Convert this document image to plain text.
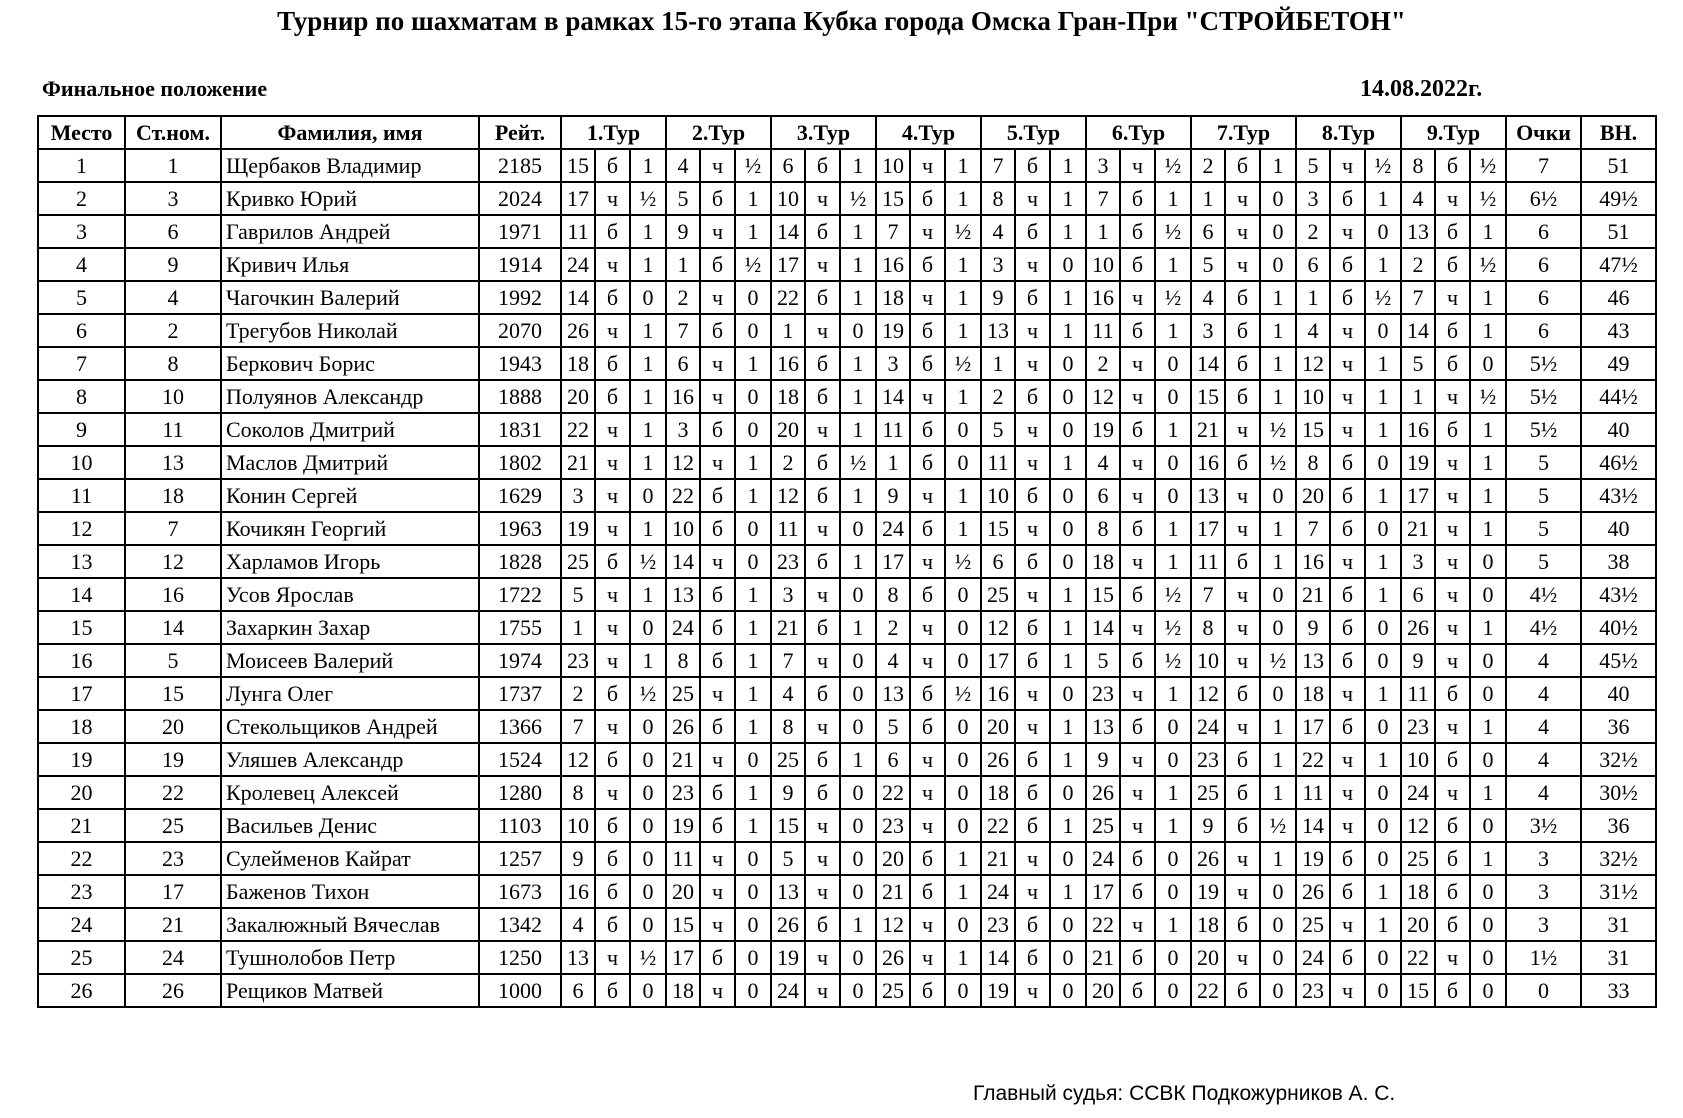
Турнир по шахматам в рамках 15-го этапа Кубка города Омска Гран-При "СТРОЙБЕТОН"
Финальное положение	14.08.2022г.
Место	Ст.ном.	Фамилия, имя	Рейт.	1.Тур			2.Тур			3.Тур			4.Тур			5.Тур			6.Тур			7.Тур			8.Тур			9.Тур			Очки	ВН.
1	1	Щербаков Владимир	2185	15	б	1	4	ч	½	6	б	1	10	ч	1	7	б	1	3	ч	½	2	б	1	5	ч	½	8	б	½	7	51
2	3	Кривко Юрий	2024	17	ч	½	5	б	1	10	ч	½	15	б	1	8	ч	1	7	б	1	1	ч	0	3	б	1	4	ч	½	6½	49½
3	6	Гаврилов Андрей	1971	11	б	1	9	ч	1	14	б	1	7	ч	½	4	б	1	1	б	½	6	ч	0	2	ч	0	13	б	1	6	51
4	9	Кривич Илья	1914	24	ч	1	1	б	½	17	ч	1	16	б	1	3	ч	0	10	б	1	5	ч	0	6	б	1	2	б	½	6	47½
5	4	Чагочкин Валерий	1992	14	б	0	2	ч	0	22	б	1	18	ч	1	9	б	1	16	ч	½	4	б	1	1	б	½	7	ч	1	6	46
6	2	Трегубов Николай	2070	26	ч	1	7	б	0	1	ч	0	19	б	1	13	ч	1	11	б	1	3	б	1	4	ч	0	14	б	1	6	43
7	8	Беркович Борис	1943	18	б	1	6	ч	1	16	б	1	3	б	½	1	ч	0	2	ч	0	14	б	1	12	ч	1	5	б	0	5½	49
8	10	Полуянов Александр	1888	20	б	1	16	ч	0	18	б	1	14	ч	1	2	б	0	12	ч	0	15	б	1	10	ч	1	1	ч	½	5½	44½
9	11	Соколов Дмитрий	1831	22	ч	1	3	б	0	20	ч	1	11	б	0	5	ч	0	19	б	1	21	ч	½	15	ч	1	16	б	1	5½	40
10	13	Маслов Дмитрий	1802	21	ч	1	12	ч	1	2	б	½	1	б	0	11	ч	1	4	ч	0	16	б	½	8	б	0	19	ч	1	5	46½
11	18	Конин Сергей	1629	3	ч	0	22	б	1	12	б	1	9	ч	1	10	б	0	6	ч	0	13	ч	0	20	б	1	17	ч	1	5	43½
12	7	Кочикян Георгий	1963	19	ч	1	10	б	0	11	ч	0	24	б	1	15	ч	0	8	б	1	17	ч	1	7	б	0	21	ч	1	5	40
13	12	Харламов Игорь	1828	25	б	½	14	ч	0	23	б	1	17	ч	½	6	б	0	18	ч	1	11	б	1	16	ч	1	3	ч	0	5	38
14	16	Усов Ярослав	1722	5	ч	1	13	б	1	3	ч	0	8	б	0	25	ч	1	15	б	½	7	ч	0	21	б	1	6	ч	0	4½	43½
15	14	Захаркин Захар	1755	1	ч	0	24	б	1	21	б	1	2	ч	0	12	б	1	14	ч	½	8	ч	0	9	б	0	26	ч	1	4½	40½
16	5	Моисеев Валерий	1974	23	ч	1	8	б	1	7	ч	0	4	ч	0	17	б	1	5	б	½	10	ч	½	13	б	0	9	ч	0	4	45½
17	15	Лунга Олег	1737	2	б	½	25	ч	1	4	б	0	13	б	½	16	ч	0	23	ч	1	12	б	0	18	ч	1	11	б	0	4	40
18	20	Стекольщиков Андрей	1366	7	ч	0	26	б	1	8	ч	0	5	б	0	20	ч	1	13	б	0	24	ч	1	17	б	0	23	ч	1	4	36
19	19	Уляшев Александр	1524	12	б	0	21	ч	0	25	б	1	6	ч	0	26	б	1	9	ч	0	23	б	1	22	ч	1	10	б	0	4	32½
20	22	Кролевец Алексей	1280	8	ч	0	23	б	1	9	б	0	22	ч	0	18	б	0	26	ч	1	25	б	1	11	ч	0	24	ч	1	4	30½
21	25	Васильев Денис	1103	10	б	0	19	б	1	15	ч	0	23	ч	0	22	б	1	25	ч	1	9	б	½	14	ч	0	12	б	0	3½	36
22	23	Сулейменов Кайрат	1257	9	б	0	11	ч	0	5	ч	0	20	б	1	21	ч	0	24	б	0	26	ч	1	19	б	0	25	б	1	3	32½
23	17	Баженов Тихон	1673	16	б	0	20	ч	0	13	ч	0	21	б	1	24	ч	1	17	б	0	19	ч	0	26	б	1	18	б	0	3	31½
24	21	Закалюжный Вячеслав	1342	4	б	0	15	ч	0	26	б	1	12	ч	0	23	б	0	22	ч	1	18	б	0	25	ч	1	20	б	0	3	31
25	24	Тушнолобов Петр	1250	13	ч	½	17	б	0	19	ч	0	26	ч	1	14	б	0	21	б	0	20	ч	0	24	б	0	22	ч	0	1½	31
26	26	Рещиков Матвей	1000	6	б	0	18	ч	0	24	ч	0	25	б	0	19	ч	0	20	б	0	22	б	0	23	ч	0	15	б	0	0	33
Главный судья: ССВК Подкожурников А. С.
